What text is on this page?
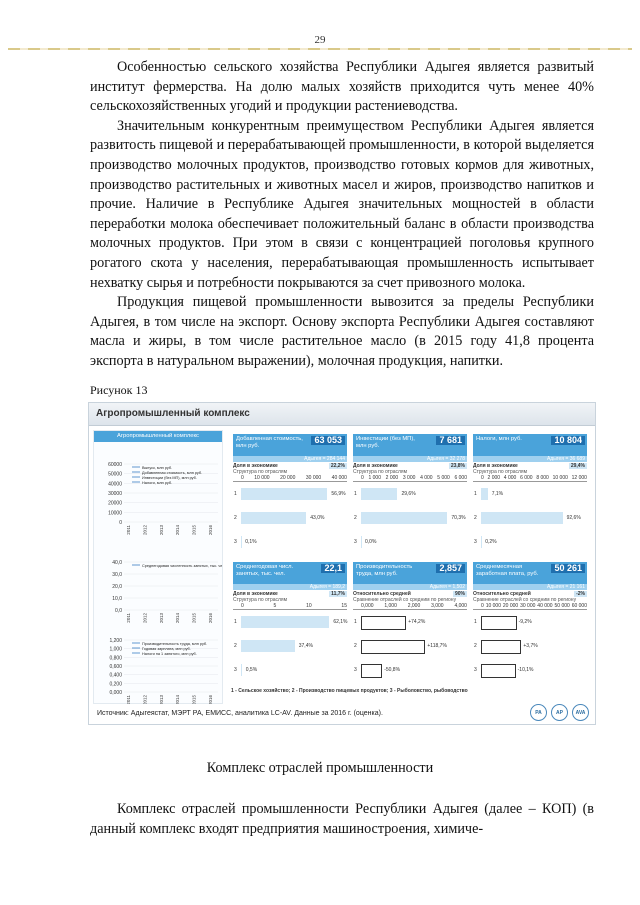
29

Особенностью сельского хозяйства Республики Адыгея является развитый институт фермерства. На долю малых хозяйств приходится чуть менее 40% сельскохозяйственных угодий и продукции растениеводства.

Значительным конкурентным преимуществом Республики Адыгея является развитость пищевой и перерабатывающей промышленности, в которой выделяется производство молочных продуктов, производство готовых кормов для животных, производство растительных и животных масел и жиров, производство напитков и прочие. Наличие в Республике Адыгея значительных мощностей в области переработки молока обеспечивает положительный баланс в области производства молочных продуктов. При этом в связи с концентрацией поголовья крупного рогатого скота у населения, перерабатывающая промышленность испытывает нехватку сырья и потребности покрываются за счет привозного молока.

Продукция пищевой промышленности вывозится за пределы Республики Адыгея, в том числе на экспорт. Основу экспорта Республики Адыгея составляют масла и жиры, в том числе растительное масло (в 2015 году 41,8 процента экспорта в натуральном выражении), молочная продукция, напитки.

Рисунок 13
Агропромышленный комплекс
Агропромышленный комплекс
60000
50000
40000
30000
20000
10000
0
2011	2012	2013	2014	2015	2016
Выпуск, млн руб.
Добавленная стоимость, млн руб.
Инвестиции (без МП), млн руб.
Налоги, млн руб.
40,0
30,0
20,0
10,0
0,0
2011	2012	2013	2014	2015	2016
Среднегодовая численность занятых, тыс. чел.
1,200
1,000
0,800
0,600
0,400
0,200
0,000
2011	2012	2013	2014	2015	2016
Производительность труда, млн руб.
Годовая зарплата, млн руб.
Налоги на 1 занятого, млн руб.
Добавленная стоимость, млн руб.
63 053
Адыгея = 284 144
Доля в экономике	22,2%
Структура по отраслям
0 10 000 20 000 30 000 40 000
1	56,9%
2	43,0%
3 0,1%
Инвестиции (без МП), млн руб.
7 681
Адыгея = 32 278
Доля в экономике	23,8%
Структура по отраслям
0 1 000 2 000 3 000 4 000 5 000 6 000
1	29,6%
2	70,3%
3 0,0%
Налоги, млн руб.	10 804
Адыгея = 36 689
Доля в экономике	29,4%
Структура по отраслям
0 2 000 4 000 6 000 8 000 10 000 12 000
1	7,1%
2	92,6%
3 0,2%
Среднегодовая числ. занятых, тыс. чел.
22,1
Адыгея = 189,2
Доля в экономике	11,7%
Структура по отраслям
0	5	10	15
1	62,1%
2	37,4%
3 0,5%
Производительность труда, млн руб.
2,857
Адыгея = 1,502
Относительно средней	90%
Сравнение отраслей со средним по региону
0,000 1,000 2,000 3,000 4,000
1	+74,2%
2	+118,7%
3	-50,8%
Среднемесячная заработная плата, руб.
50 261
Адыгея = 21 161
Относительно средней	-2%
Сравнение отраслей со средним по региону
0 10 000 20 000 30 000 40 000 50 000 60 000
1	-9,2%
2	+3,7%
3	-10,1%
1 - Сельское хозяйство; 2 - Производство пищевых продуктов; 3 - Рыболовство, рыбоводство
Источник: Адыгеястат, МЭРТ РА, ЕМИСС, аналитика LC-AV. Данные за 2016 г. (оценка).	РА	АР	AVA
Комплекс отраслей промышленности

Комплекс отраслей промышленности Республики Адыгея (далее – КОП) (в данный комплекс входят предприятия машиностроения, химиче-
